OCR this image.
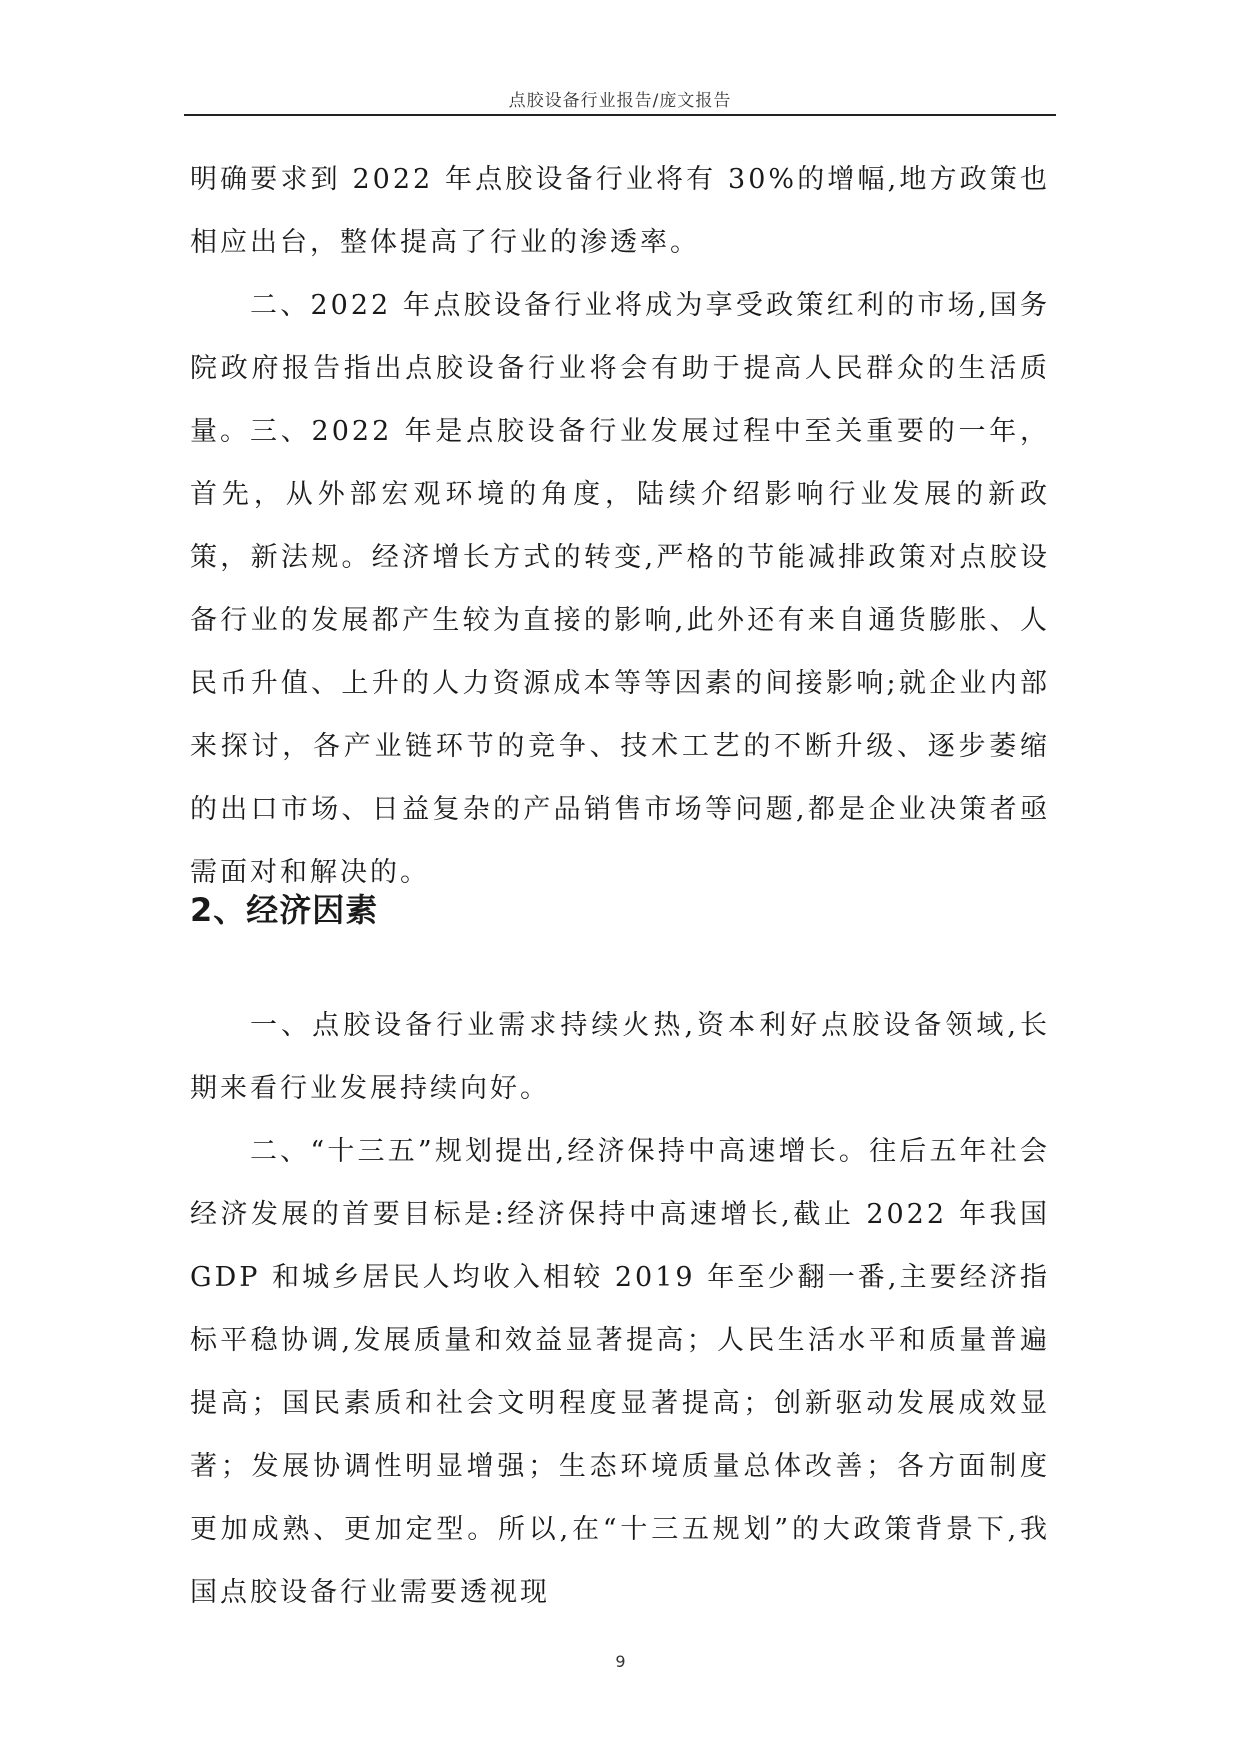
点胶设备行业报告/庞文报告

明确要求到 2022 年点胶设备行业将有 30%的增幅,地方政策也相应出台，整体提高了行业的渗透率。

二、2022 年点胶设备行业将成为享受政策红利的市场,国务院政府报告指出点胶设备行业将会有助于提高人民群众的生活质量。 三、2022 年是点胶设备行业发展过程中至关重要的一年，首先，从外部宏观环境的角度，陆续介绍影响行业发展的新政策，新法规。经济增长方式的转变,严格的节能减排政策对点胶设备行业的发展都产生较为直接的影响,此外还有来自通货膨胀、人民币升值、上升的人力资源成本等等因素的间接影响;就企业内部来探讨，各产业链环节的竞争、技术工艺的不断升级、逐步萎缩的出口市场、日益复杂的产品销售市场等问题,都是企业决策者亟需面对和解决的。

2、经济因素

一、点胶设备行业需求持续火热,资本利好点胶设备领域,长期来看行业发展持续向好。

二、“十三五”规划提出,经济保持中高速增长。往后五年社会经济发展的首要目标是:经济保持中高速增长,截止 2022 年我国 GDP 和城乡居民人均收入相较 2019 年至少翻一番,主要经济指标平稳协调,发展质量和效益显著提高；人民生活水平和质量普遍提高；国民素质和社会文明程度显著提高；创新驱动发展成效显著；发展协调性明显增强；生态环境质量总体改善；各方面制度更加成熟、更加定型。所以,在“十三五规划”的大政策背景下,我国点胶设备行业需要透视现

9
